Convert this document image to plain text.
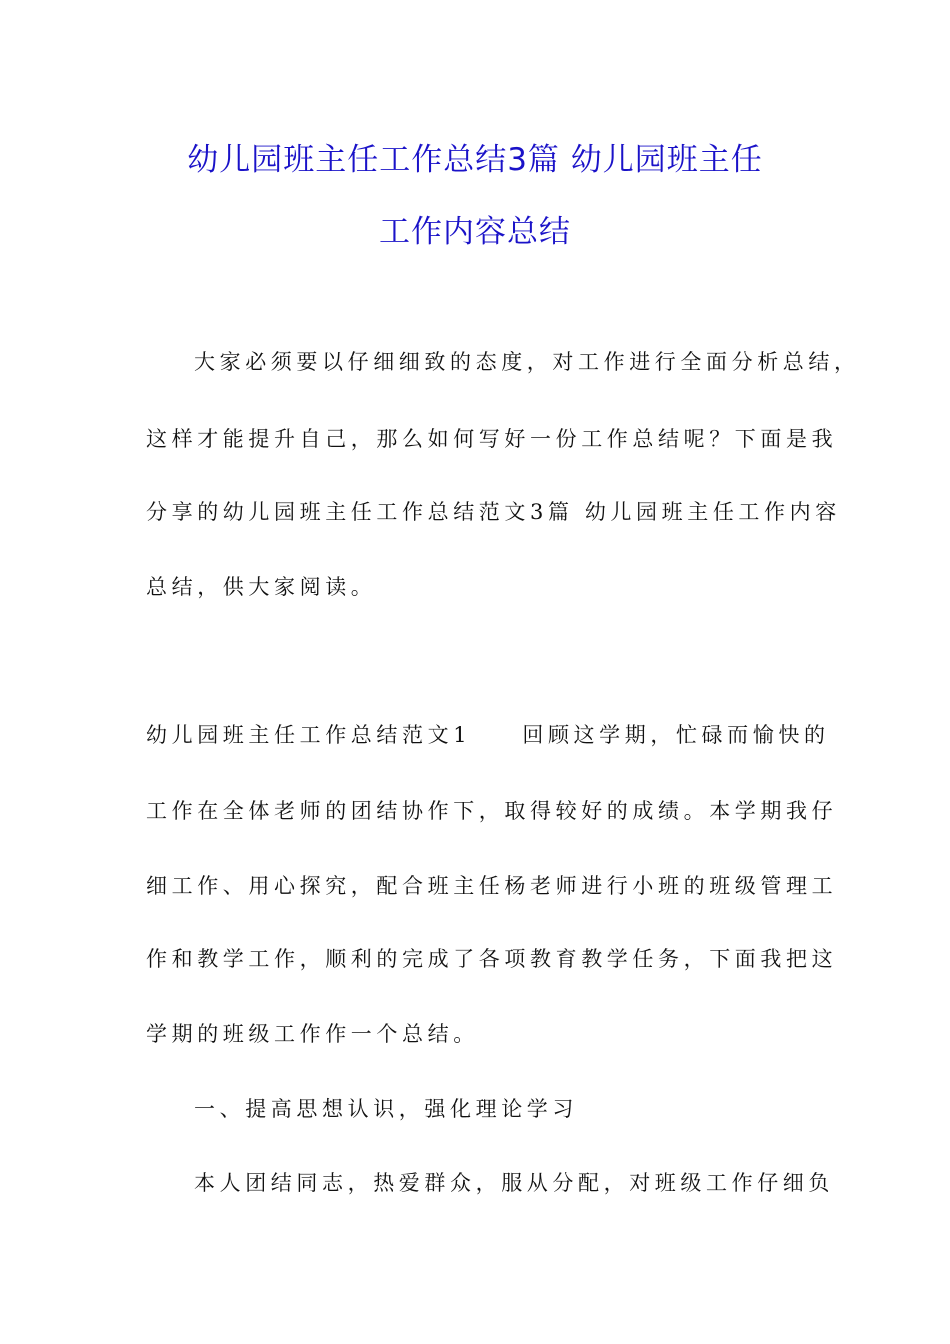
幼儿园班主任工作总结3篇 幼儿园班主任
工作内容总结
大家必须要以仔细细致的态度，对工作进行全面分析总结，
这样才能提升自己，那么如何写好一份工作总结呢？下面是我
分享的幼儿园班主任工作总结范文3篇 幼儿园班主任工作内容
总结，供大家阅读。
幼儿园班主任工作总结范文1　　回顾这学期，忙碌而愉快的
工作在全体老师的团结协作下，取得较好的成绩。本学期我仔
细工作、用心探究，配合班主任杨老师进行小班的班级管理工
作和教学工作，顺利的完成了各项教育教学任务，下面我把这
学期的班级工作作一个总结。
一、提高思想认识，强化理论学习
本人团结同志，热爱群众，服从分配，对班级工作仔细负
